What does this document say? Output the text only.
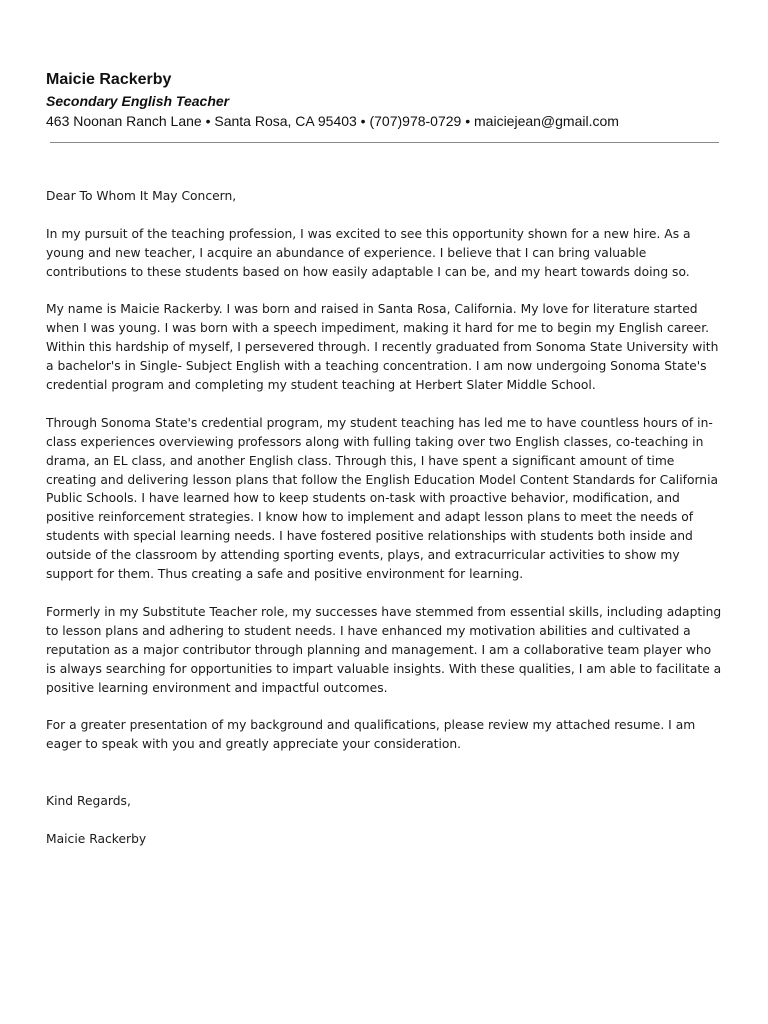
Maicie Rackerby
Secondary English Teacher
463 Noonan Ranch Lane • Santa Rosa, CA 95403 • (707)978-0729 • maiciejean@gmail.com

Dear To Whom It May Concern,

In my pursuit of the teaching profession, I was excited to see this opportunity shown for a new hire. As a young and new teacher, I acquire an abundance of experience. I believe that I can bring valuable contributions to these students based on how easily adaptable I can be, and my heart towards doing so.

My name is Maicie Rackerby. I was born and raised in Santa Rosa, California. My love for literature started when I was young. I was born with a speech impediment, making it hard for me to begin my English career. Within this hardship of myself, I persevered through. I recently graduated from Sonoma State University with a bachelor's in Single- Subject English with a teaching concentration. I am now undergoing Sonoma State's credential program and completing my student teaching at Herbert Slater Middle School.

Through Sonoma State's credential program, my student teaching has led me to have countless hours of in-class experiences overviewing professors along with fulling taking over two English classes, co-teaching in drama, an EL class, and another English class. Through this, I have spent a significant amount of time creating and delivering lesson plans that follow the English Education Model Content Standards for California Public Schools. I have learned how to keep students on-task with proactive behavior, modification, and positive reinforcement strategies. I know how to implement and adapt lesson plans to meet the needs of students with special learning needs. I have fostered positive relationships with students both inside and outside of the classroom by attending sporting events, plays, and extracurricular activities to show my support for them. Thus creating a safe and positive environment for learning.

Formerly in my Substitute Teacher role, my successes have stemmed from essential skills, including adapting to lesson plans and adhering to student needs. I have enhanced my motivation abilities and cultivated a reputation as a major contributor through planning and management. I am a collaborative team player who is always searching for opportunities to impart valuable insights. With these qualities, I am able to facilitate a positive learning environment and impactful outcomes.

For a greater presentation of my background and qualifications, please review my attached resume. I am eager to speak with you and greatly appreciate your consideration.

Kind Regards,

Maicie Rackerby
